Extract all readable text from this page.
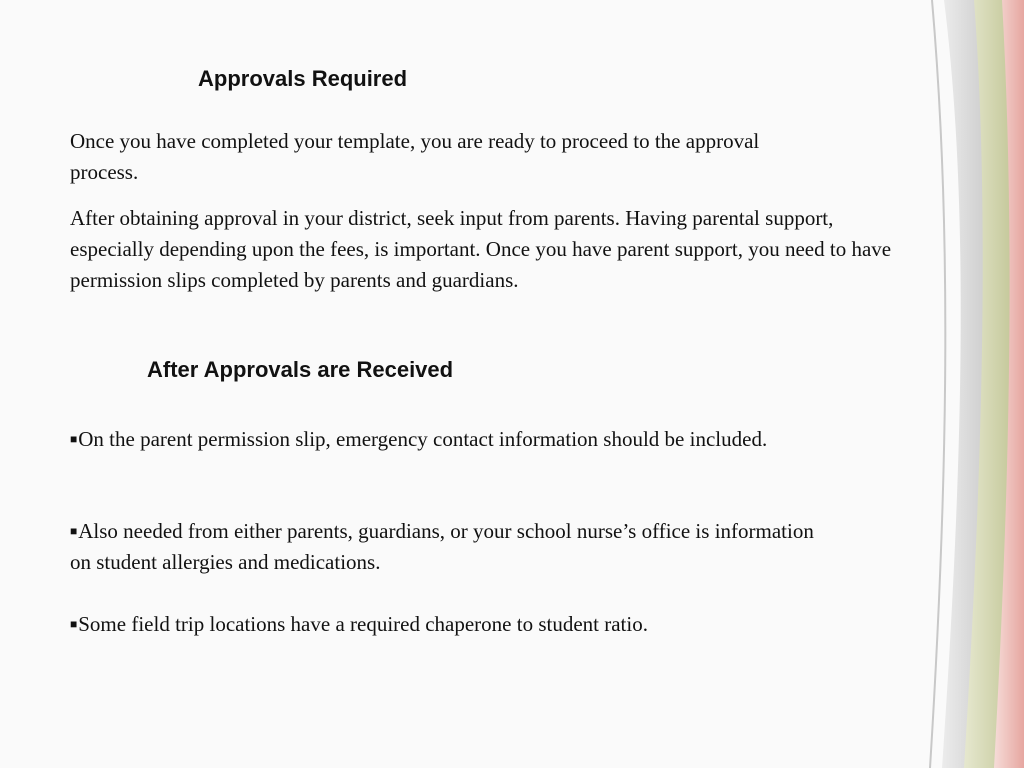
Approvals Required

Once you have completed your template, you are ready to proceed to the approval process.

After obtaining approval in your district, seek input from parents. Having parental support, especially depending upon the fees, is important. Once you have parent support, you need to have permission slips completed by parents and guardians.

After Approvals are Received

■On the parent permission slip, emergency contact information should be included.

■Also needed from either parents, guardians, or your school nurse’s office is information on student allergies and medications.

■Some field trip locations have a required chaperone to student ratio.
